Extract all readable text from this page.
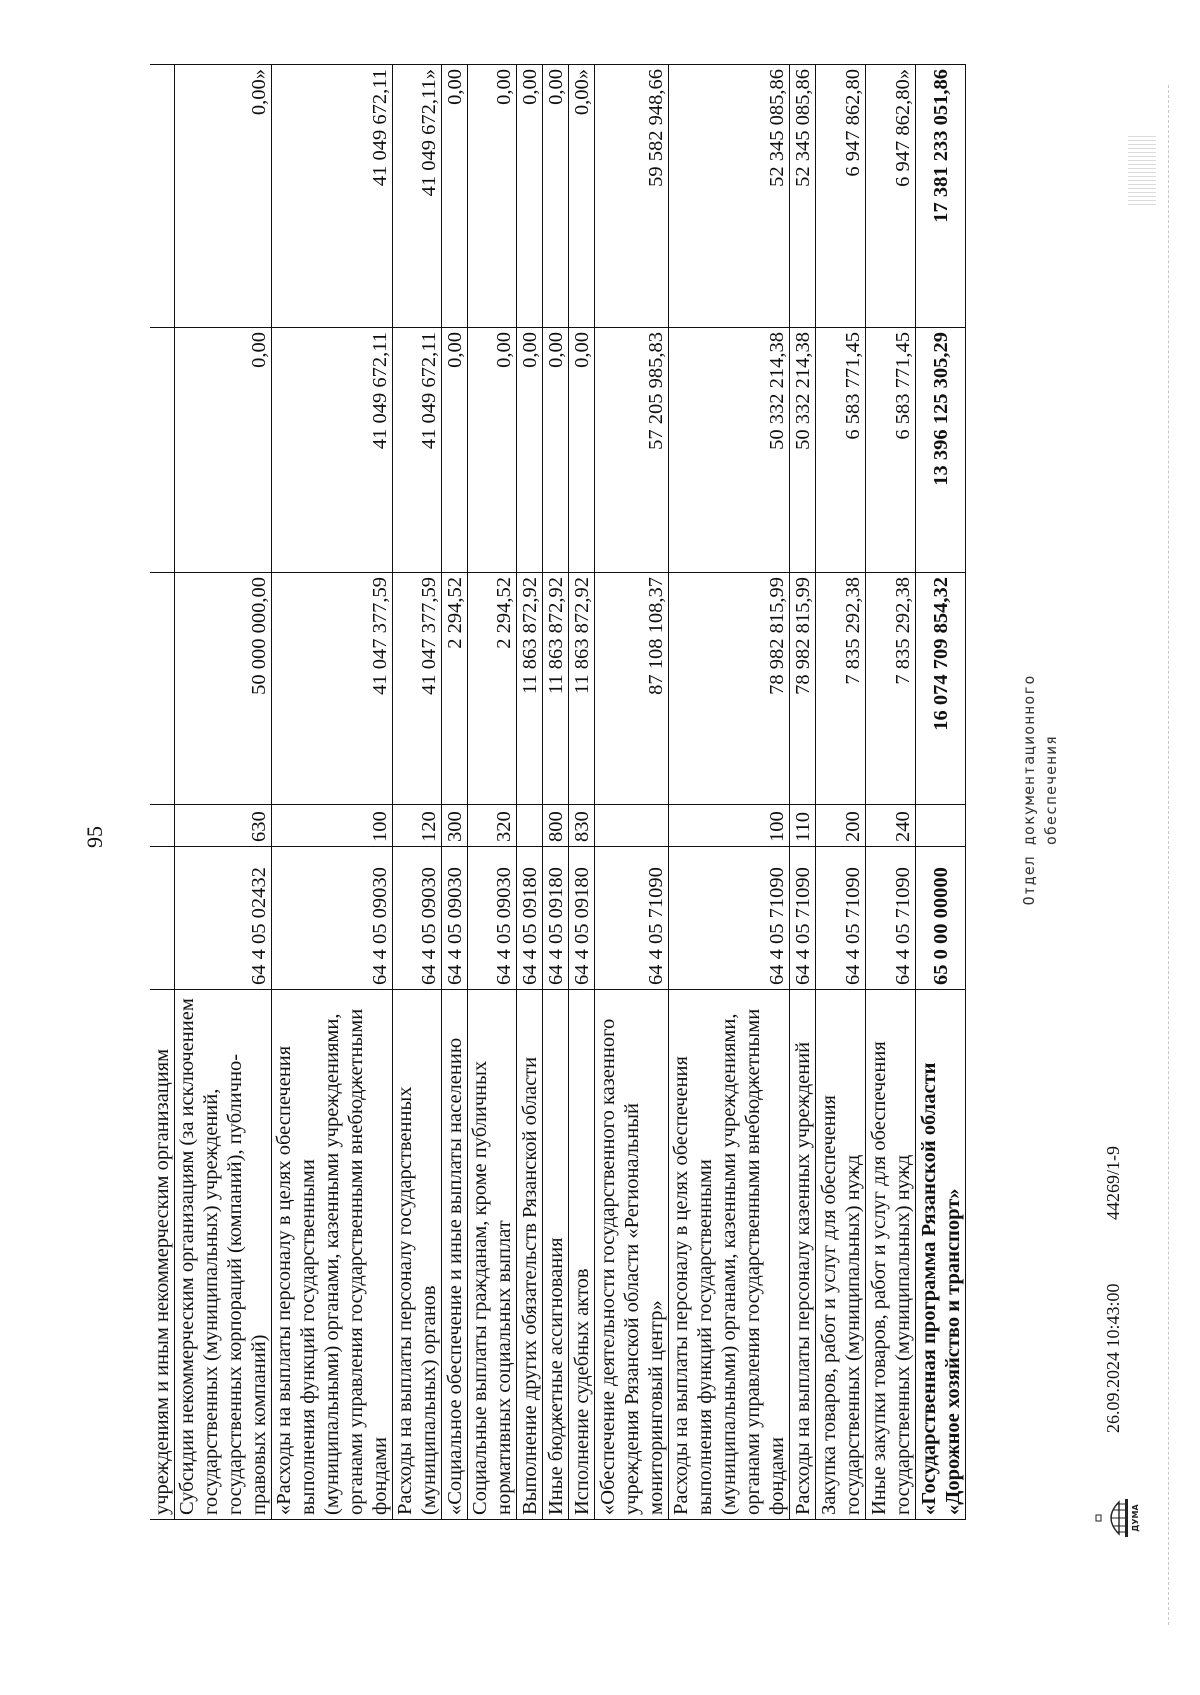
95
учреждениям и иным некоммерческим организациям					
Субсидии некоммерческим организациям (за исключением государственных (муниципальных) учреждений, государственных корпораций (компаний), публично-правовых компаний)	64 4 05 02432	630	50 000 000,00	0,00	0,00»
«Расходы на выплаты персоналу в целях обеспечения выполнения функций государственными (муниципальными) органами, казенными учреждениями, органами управления государственными внебюджетными фондами	64 4 05 09030	100	41 047 377,59	41 049 672,11	41 049 672,11
Расходы на выплаты персоналу государственных (муниципальных) органов	64 4 05 09030	120	41 047 377,59	41 049 672,11	41 049 672,11»
«Социальное обеспечение и иные выплаты населению	64 4 05 09030	300	2 294,52	0,00	0,00
Социальные выплаты гражданам, кроме публичных нормативных социальных выплат	64 4 05 09030	320	2 294,52	0,00	0,00
Выполнение других обязательств Рязанской области	64 4 05 09180		11 863 872,92	0,00	0,00
Иные бюджетные ассигнования	64 4 05 09180	800	11 863 872,92	0,00	0,00
Исполнение судебных актов	64 4 05 09180	830	11 863 872,92	0,00	0,00»
«Обеспечение деятельности государственного казенного учреждения Рязанской области «Региональный мониторинговый центр»	64 4 05 71090		87 108 108,37	57 205 985,83	59 582 948,66
Расходы на выплаты персоналу в целях обеспечения выполнения функций государственными (муниципальными) органами, казенными учреждениями, органами управления государственными внебюджетными фондами	64 4 05 71090	100	78 982 815,99	50 332 214,38	52 345 085,86
Расходы на выплаты персоналу казенных учреждений	64 4 05 71090	110	78 982 815,99	50 332 214,38	52 345 085,86
Закупка товаров, работ и услуг для обеспечения государственных (муниципальных) нужд	64 4 05 71090	200	7 835 292,38	6 583 771,45	6 947 862,80
Иные закупки товаров, работ и услуг для обеспечения государственных (муниципальных) нужд	64 4 05 71090	240	7 835 292,38	6 583 771,45	6 947 862,80»
«Государственная программа Рязанской области «Дорожное хозяйство и транспорт»	65 0 00 00000		16 074 709 854,32	13 396 125 305,29	17 381 233 051,86
ДУМА
26.09.2024 10:43:00
44269/1-9
Отдел документационного обеспечения
